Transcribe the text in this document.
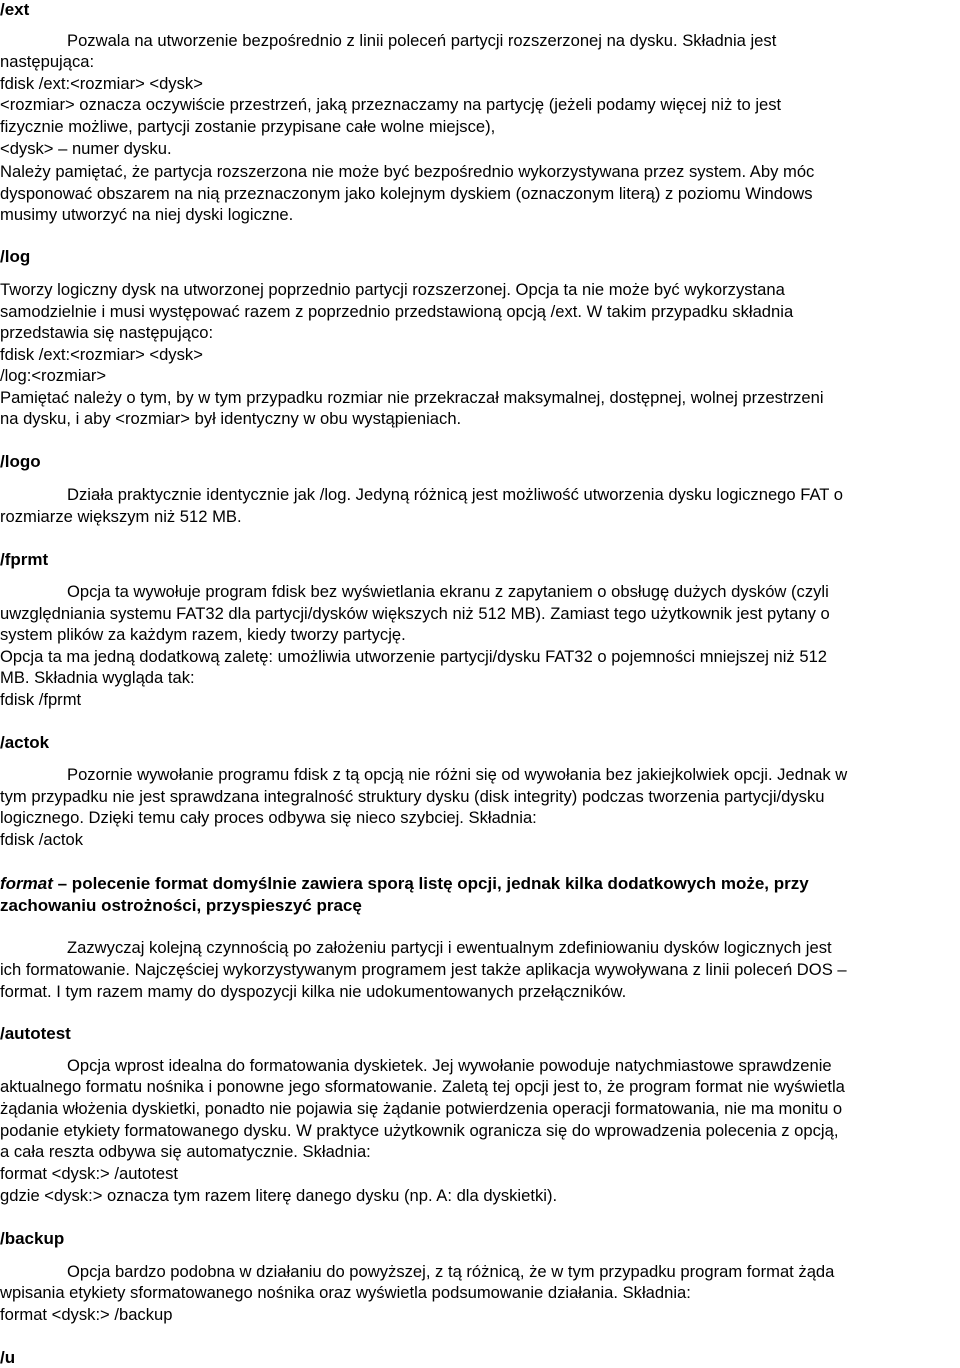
/ext
Pozwala na utworzenie bezpośrednio z linii poleceń partycji rozszerzonej na dysku. Składnia jest
następująca:
fdisk /ext:<rozmiar> <dysk>
<rozmiar> oznacza oczywiście przestrzeń, jaką przeznaczamy na partycję (jeżeli podamy więcej niż to jest
fizycznie możliwe, partycji zostanie przypisane całe wolne miejsce),
<dysk> – numer dysku.
Należy pamiętać, że partycja rozszerzona nie może być bezpośrednio wykorzystywana przez system. Aby móc
dysponować obszarem na nią przeznaczonym jako kolejnym dyskiem (oznaczonym literą) z poziomu Windows
musimy utworzyć na niej dyski logiczne.
/log
Tworzy logiczny dysk na utworzonej poprzednio partycji rozszerzonej. Opcja ta nie może być wykorzystana
samodzielnie i musi występować razem z poprzednio przedstawioną opcją /ext. W takim przypadku składnia
przedstawia się następująco:
fdisk /ext:<rozmiar> <dysk>
/log:<rozmiar>
Pamiętać należy o tym, by w tym przypadku rozmiar nie przekraczał maksymalnej, dostępnej, wolnej przestrzeni
na dysku, i aby <rozmiar> był identyczny w obu wystąpieniach.
/logo
Działa praktycznie identycznie jak /log. Jedyną różnicą jest możliwość utworzenia dysku logicznego FAT o
rozmiarze większym niż 512 MB.
/fprmt
Opcja ta wywołuje program fdisk bez wyświetlania ekranu z zapytaniem o obsługę dużych dysków (czyli
uwzględniania systemu FAT32 dla partycji/dysków większych niż 512 MB). Zamiast tego użytkownik jest pytany o
system plików za każdym razem, kiedy tworzy partycję.
Opcja ta ma jedną dodatkową zaletę: umożliwia utworzenie partycji/dysku FAT32 o pojemności mniejszej niż 512
MB. Składnia wygląda tak:
fdisk /fprmt
/actok
Pozornie wywołanie programu fdisk z tą opcją nie różni się od wywołania bez jakiejkolwiek opcji. Jednak w
tym przypadku nie jest sprawdzana integralność struktury dysku (disk integrity) podczas tworzenia partycji/dysku
logicznego. Dzięki temu cały proces odbywa się nieco szybciej. Składnia:
fdisk /actok
format – polecenie format domyślnie zawiera sporą listę opcji, jednak kilka dodatkowych może, przy
zachowaniu ostrożności, przyspieszyć pracę
Zazwyczaj kolejną czynnością po założeniu partycji i ewentualnym zdefiniowaniu dysków logicznych jest
ich formatowanie. Najczęściej wykorzystywanym programem jest także aplikacja wywoływana z linii poleceń DOS –
format. I tym razem mamy do dyspozycji kilka nie udokumentowanych przełączników.
/autotest
Opcja wprost idealna do formatowania dyskietek. Jej wywołanie powoduje natychmiastowe sprawdzenie
aktualnego formatu nośnika i ponowne jego sformatowanie. Zaletą tej opcji jest to, że program format nie wyświetla
żądania włożenia dyskietki, ponadto nie pojawia się żądanie potwierdzenia operacji formatowania, nie ma monitu o
podanie etykiety formatowanego dysku. W praktyce użytkownik ogranicza się do wprowadzenia polecenia z opcją,
a cała reszta odbywa się automatycznie. Składnia:
format <dysk:> /autotest
gdzie <dysk:> oznacza tym razem literę danego dysku (np. A: dla dyskietki).
/backup
Opcja bardzo podobna w działaniu do powyższej, z tą różnicą, że w tym przypadku program format żąda
wpisania etykiety sformatowanego nośnika oraz wyświetla podsumowanie działania. Składnia:
format <dysk:> /backup
/u
